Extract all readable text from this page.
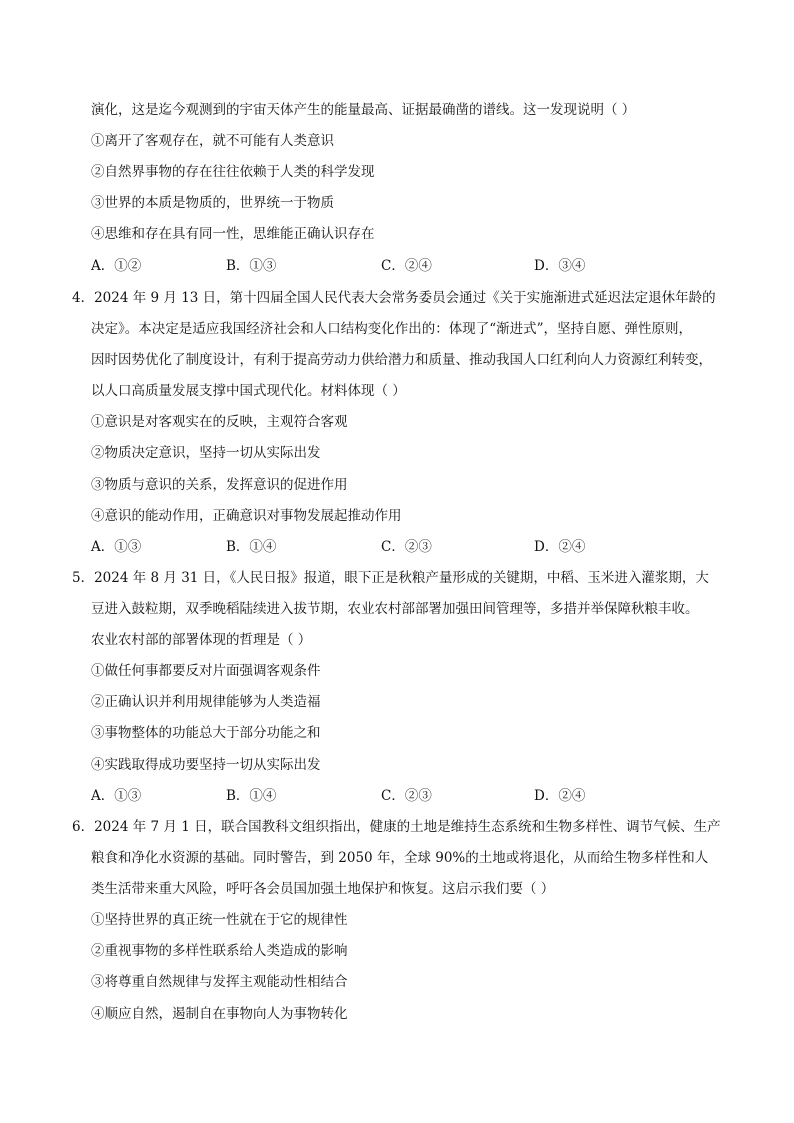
演化，这是迄今观测到的宇宙天体产生的能量最高、证据最确凿的谱线。这一发现说明（ ）
①离开了客观存在，就不可能有人类意识
②自然界事物的存在往往依赖于人类的科学发现
③世界的本质是物质的，世界统一于物质
④思维和存在具有同一性，思维能正确认识存在
A．①②	B．①③	C．②④	D．③④
4．2024 年 9 月 13 日，第十四届全国人民代表大会常务委员会通过《关于实施渐进式延迟法定退休年龄的
决定》。本决定是适应我国经济社会和人口结构变化作出的：体现了“渐进式”，坚持自愿、弹性原则，
因时因势优化了制度设计，有利于提高劳动力供给潜力和质量、推动我国人口红利向人力资源红利转变，
以人口高质量发展支撑中国式现代化。材料体现（ ）
①意识是对客观实在的反映，主观符合客观
②物质决定意识，坚持一切从实际出发
③物质与意识的关系，发挥意识的促进作用
④意识的能动作用，正确意识对事物发展起推动作用
A．①③	B．①④	C．②③	D．②④
5．2024 年 8 月 31 日，《人民日报》报道，眼下正是秋粮产量形成的关键期，中稻、玉米进入灌浆期，大
豆进入鼓粒期，双季晚稻陆续进入拔节期，农业农村部部署加强田间管理等，多措并举保障秋粮丰收。
农业农村部的部署体现的哲理是（ ）
①做任何事都要反对片面强调客观条件
②正确认识并利用规律能够为人类造福
③事物整体的功能总大于部分功能之和
④实践取得成功要坚持一切从实际出发
A．①③	B．①④	C．②③	D．②④
6．2024 年 7 月 1 日，联合国教科文组织指出，健康的土地是维持生态系统和生物多样性、调节气候、生产
粮食和净化水资源的基础。同时警告，到 2050 年，全球 90%的土地或将退化，从而给生物多样性和人
类生活带来重大风险，呼吁各会员国加强土地保护和恢复。这启示我们要（ ）
①坚持世界的真正统一性就在于它的规律性
②重视事物的多样性联系给人类造成的影响
③将尊重自然规律与发挥主观能动性相结合
④顺应自然，遏制自在事物向人为事物转化
